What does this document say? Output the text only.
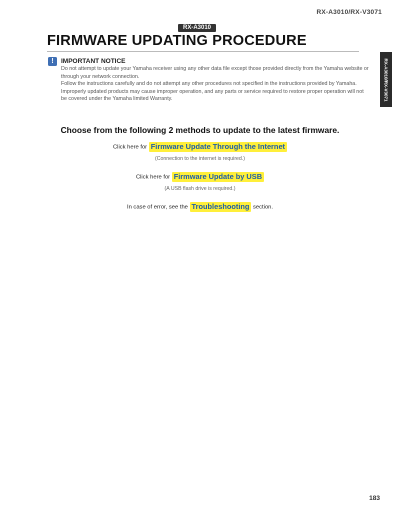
RX-A3010/RX-V3071
RX-A3010
FIRMWARE UPDATING PROCEDURE
RX-A3010/RX-V3071
!	IMPORTANT NOTICE

Do not attempt to update your Yamaha receiver using any other data file except those provided directly from the Yamaha website or through your network connection.

Follow the instructions carefully and do not attempt any other procedures not specified in the instructions provided by Yamaha.

Improperly updated products may cause improper operation, and any parts or service required to restore proper operation will not be covered under the Yamaha limited Warranty.

Choose from the following 2 methods to update to the latest firmware.
Click here for Firmware Update Through the Internet
(Connection to the internet is required.)
Click here for Firmware Update by USB
(A USB flash drive is required.)
In case of error, see the Troubleshooting section.
183
